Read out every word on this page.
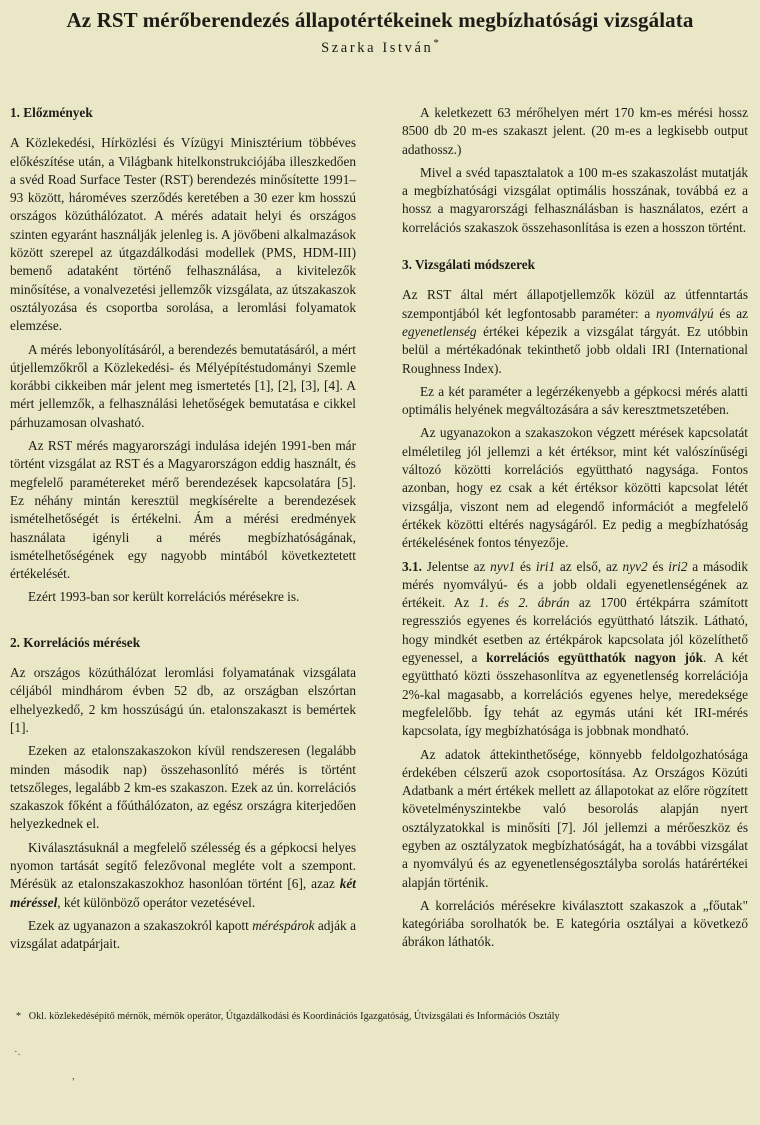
Az RST mérőberendezés állapotértékeinek megbízhatósági vizsgálata
Szarka István*
1. Előzmények

A Közlekedési, Hírközlési és Vízügyi Minisztérium többéves előkészítése után, a Világbank hitelkonstrukciójába illeszkedően a svéd Road Surface Tester (RST) berendezés minősítette 1991–93 között, hároméves szerződés keretében a 30 ezer km hosszú országos közúthálózatot. A mérés adatait helyi és országos szinten egyaránt használják jelenleg is. A jövőbeni alkalmazások között szerepel az útgazdálkodási modellek (PMS, HDM-III) bemenő adataként történő felhasználása, a kivitelezők minősítése, a vonalvezetési jellemzők vizsgálata, az útszakaszok osztályozása és csoportba sorolása, a leromlási folyamatok elemzése.

A mérés lebonyolításáról, a berendezés bemutatásáról, a mért útjellemzőkről a Közlekedési- és Mélyépítéstudományi Szemle korábbi cikkeiben már jelent meg ismertetés [1], [2], [3], [4]. A mért jellemzők, a felhasználási lehetőségek bemutatása e cikkel párhuzamosan olvasható.

Az RST mérés magyarországi indulása idején 1991-ben már történt vizsgálat az RST és a Magyarországon eddig használt, és megfelelő paramétereket mérő berendezések kapcsolatára [5]. Ez néhány mintán keresztül megkísérelte a berendezések ismételhetőségét is értékelni. Ám a mérési eredmények használata igényli a mérés megbízhatóságának, ismételhetőségének egy nagyobb mintából következtetett értékelését.

Ezért 1993-ban sor került korrelációs mérésekre is.

2. Korrelációs mérések

Az országos közúthálózat leromlási folyamatának vizsgálata céljából mindhárom évben 52 db, az országban elszórtan elhelyezkedő, 2 km hosszúságú ún. etalonszakaszt is bemértek [1].

Ezeken az etalonszakaszokon kívül rendszeresen (legalább minden második nap) összehasonlító mérés is történt tetszőleges, legalább 2 km-es szakaszon. Ezek az ún. korrelációs szakaszok főként a főúthálózaton, az egész országra kiterjedően helyezkednek el.

Kiválasztásuknál a megfelelő szélesség és a gépkocsi helyes nyomon tartását segítő felezővonal megléte volt a szempont. Mérésük az etalonszakaszokhoz hasonlóan történt [6], azaz két méréssel, két különböző operátor vezetésével.

Ezek az ugyanazon a szakaszokról kapott méréspárok adják a vizsgálat adatpárjait.

A keletkezett 63 mérőhelyen mért 170 km-es mérési hossz 8500 db 20 m-es szakaszt jelent. (20 m-es a legkisebb output adathossz.)

Mivel a svéd tapasztalatok a 100 m-es szakaszolást mutatják a megbízhatósági vizsgálat optimális hosszának, továbbá ez a hossz a magyarországi felhasználásban is használatos, ezért a korrelációs szakaszok összehasonlítása is ezen a hosszon történt.

3. Vizsgálati módszerek

Az RST által mért állapotjellemzők közül az útfenntartás szempontjából két legfontosabb paraméter: a nyomvályú és az egyenetlenség értékei képezik a vizsgálat tárgyát. Ez utóbbin belül a mértékadónak tekinthető jobb oldali IRI (International Roughness Index).

Ez a két paraméter a legérzékenyebb a gépkocsi mérés alatti optimális helyének megváltozására a sáv keresztmetszetében.

Az ugyanazokon a szakaszokon végzett mérések kapcsolatát elméletileg jól jellemzi a két értéksor, mint két valószínűségi változó közötti korrelációs együttható nagysága. Fontos azonban, hogy ez csak a két értéksor közötti kapcsolat létét vizsgálja, viszont nem ad elegendő információt a megfelelő értékek közötti eltérés nagyságáról. Ez pedig a megbízhatóság értékelésének fontos tényezője.

3.1. Jelentse az nyv1 és iri1 az első, az nyv2 és iri2 a második mérés nyomvályú- és a jobb oldali egyenetlenségének az értékeit. Az 1. és 2. ábrán az 1700 értékpárra számított regressziós egyenes és korrelációs együttható látszik. Látható, hogy mindkét esetben az értékpárok kapcsolata jól közelíthető egyenessel, a korrelációs együtthatók nagyon jók. A két együttható közti összehasonlítva az egyenetlenség korrelációja 2%-kal magasabb, a korrelációs egyenes helye, meredeksége megfelelőbb. Így tehát az egymás utáni két IRI-mérés kapcsolata, így megbízhatósága is jobbnak mondható.

Az adatok áttekinthetősége, könnyebb feldolgozhatósága érdekében célszerű azok csoportosítása. Az Országos Közúti Adatbank a mért értékek mellett az állapotokat az előre rögzített követelményszintekbe való besorolás alapján nyert osztályzatokkal is minősíti [7]. Jól jellemzi a mérőeszköz és egyben az osztályzatok megbízhatóságát, ha a további vizsgálat a nyomvályú és az egyenetlenségosztályba sorolás határértékei alapján történik.

A korrelációs mérésekre kiválasztott szakaszok a „főutak" kategóriába sorolhatók be. E kategória osztályai a következő ábrákon láthatók.

* Okl. közlekedésépítő mérnök, mérnök operátor, Útgazdálkodási és Koordinációs Igazgatóság, Útvizsgálati és Információs Osztály
·.
,
